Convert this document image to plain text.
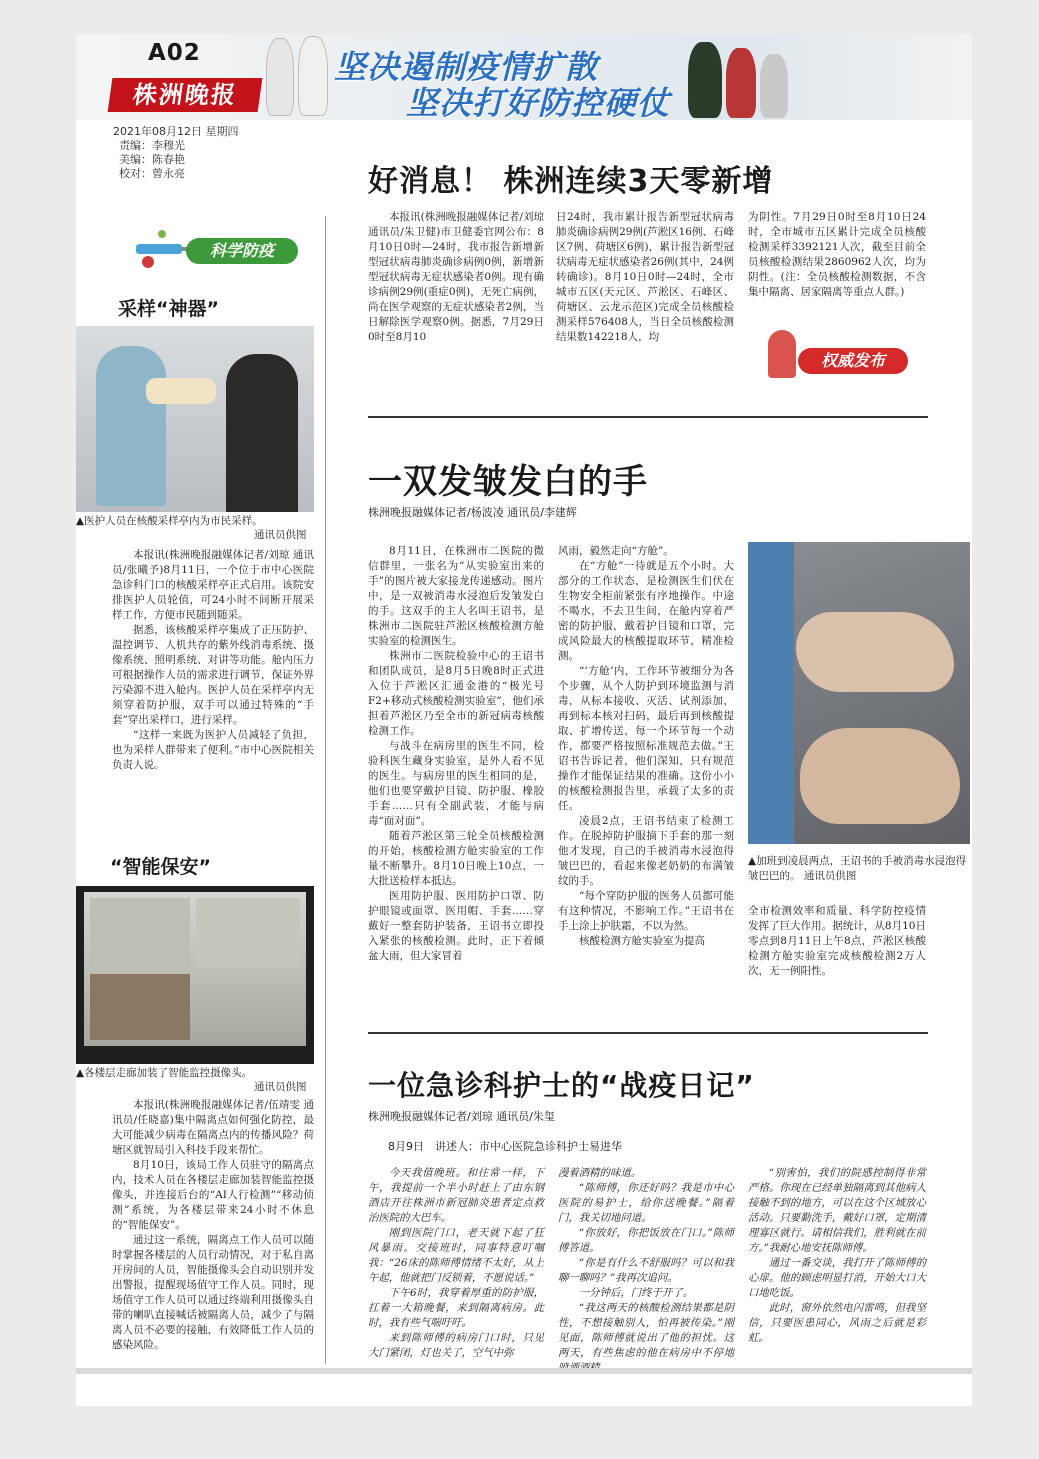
A02
株洲晚报
坚决遏制疫情扩散
坚决打好防控硬仗
2021年08月12日 星期四
责编：李穆光
美编：陈春艳
校对：曾永亮
科学防疫
采样“神器”
▲医护人员在核酸采样亭内为市民采样。
通讯员供图

本报讯(株洲晚报融媒体记者/刘琼 通讯员/张曦予)8月11日，一个位于市中心医院急诊科门口的核酸采样亭正式启用。该院安排医护人员轮值，可24小时不间断开展采样工作，方便市民随到随采。

据悉，该核酸采样亭集成了正压防护、温控调节、人机共存的紫外线消毒系统、摄像系统、照明系统、对讲等功能。舱内压力可根据操作人员的需求进行调节，保证外界污染源不进入舱内。医护人员在采样亭内无须穿着防护服，双手可以通过特殊的“手套”穿出采样口，进行采样。

“这样一来既为医护人员减轻了负担，也为采样人群带来了便利。”市中心医院相关负责人说。

“智能保安”
▲各楼层走廊加装了智能监控摄像头。
通讯员供图

本报讯(株洲晚报融媒体记者/伍靖雯 通讯员/任晓嘉)集中隔离点如何强化防控，最大可能减少病毒在隔离点内的传播风险？荷塘区就智局引入科技手段来帮忙。

8月10日，该局工作人员驻守的隔离点内，技术人员在各楼层走廊加装智能监控摄像头，并连接后台的“AI人行检测”“移动侦测”系统，为各楼层带来24小时不休息的“智能保安”。

通过这一系统，隔离点工作人员可以随时掌握各楼层的人员行动情况，对于私自离开房间的人员，智能摄像头会自动识别并发出警报，提醒现场值守工作人员。同时，现场值守工作人员可以通过终端利用摄像头自带的喇叭直接喊话被隔离人员，减少了与隔离人员不必要的接触，有效降低工作人员的感染风险。

好消息！ 株洲连续3天零新增
本报讯(株洲晚报融媒体记者/刘琼 通讯员/朱卫健)市卫健委官网公布：8月10日0时—24时，我市报告新增新型冠状病毒肺炎确诊病例0例，新增新型冠状病毒无症状感染者0例。现有确诊病例29例(重症0例)，无死亡病例，尚在医学观察的无症状感染者2例，当日解除医学观察0例。据悉，7月29日0时至8月10
日24时，我市累计报告新型冠状病毒肺炎确诊病例29例(芦淞区16例、石峰区7例、荷塘区6例)，累计报告新型冠状病毒无症状感染者26例(其中，24例转确诊)。8月10日0时—24时，全市城市五区(天元区、芦淞区、石峰区、荷塘区、云龙示范区)完成全员核酸检测采样576408人，当日全员核酸检测结果数142218人，均
为阴性。7月29日0时至8月10日24时，全市城市五区累计完成全员核酸检测采样3392121人次，截至目前全员核酸检测结果2860962人次，均为阴性。(注：全员核酸检测数据，不含集中隔离、居家隔离等重点人群。)
权威发布
一双发皱发白的手
株洲晚报融媒体记者/杨波凌 通讯员/李建辉

8月11日，在株洲市二医院的微信群里，一张名为“从实验室出来的手”的图片被大家接龙传递感动。图片中，是一双被消毒水浸泡后发皱发白的手。这双手的主人名叫王诏书，是株洲市二医院驻芦淞区核酸检测方舱实验室的检测医生。

株洲市二医院检验中心的王诏书和团队成员，是8月5日晚8时正式进入位于芦淞区汇通金港的“极光号F2+移动式核酸检测实验室”，他们承担着芦淞区乃至全市的新冠病毒核酸检测工作。

与战斗在病房里的医生不同，检验科医生藏身实验室，是外人看不见的医生。与病房里的医生相同的是，他们也要穿戴护目镜、防护服、橡胶手套……只有全副武装，才能与病毒“面对面”。

随着芦淞区第三轮全员核酸检测的开始，核酸检测方舱实验室的工作量不断攀升。8月10日晚上10点，一大批送检样本抵达。

医用防护服、医用防护口罩、防护眼镜或面罩、医用帽、手套……穿戴好一整套防护装备，王诏书立即投入紧张的核酸检测。此时，正下着倾盆大雨，但大家冒着

风雨，毅然走向“方舱”。

在“方舱”一待就是五个小时。大部分的工作状态，是检测医生们伏在生物安全柜前紧张有序地操作。中途不喝水，不去卫生间，在舱内穿着严密的防护服，戴着护目镜和口罩，完成风险最大的核酸提取环节，精准检测。

“‘方舱’内，工作环节被细分为各个步骤，从个人防护到环境监测与消毒，从标本接收、灭活、试剂添加，再到标本核对扫码，最后再到核酸提取、扩增传送，每一个环节每一个动作，都要严格按照标准规范去做。”王诏书告诉记者，他们深知，只有规范操作才能保证结果的准确。这份小小的核酸检测报告里，承载了太多的责任。

凌晨2点，王诏书结束了检测工作。在脱掉防护服摘下手套的那一刻他才发现，自己的手被消毒水浸泡得皱巴巴的，看起来像老奶奶的布满皱纹的手。

“每个穿防护服的医务人员都可能有这种情况，不影响工作。”王诏书在手上涂上护肤霜，不以为然。

核酸检测方舱实验室为提高

▲加班到凌晨两点，王诏书的手被消毒水浸泡得皱巴巴的。 通讯员供图
全市检测效率和质量、科学防控疫情发挥了巨大作用。据统计，从8月10日零点到8月11日上午8点，芦淞区核酸检测方舱实验室完成核酸检测2万人次，无一例阳性。
一位急诊科护士的“战疫日记”
株洲晚报融媒体记者/刘琼 通讯员/朱玺
8月9日　讲述人：市中心医院急诊科护士易进华

今天我值晚班。和往常一样，下午，我提前一个半小时赶上了由东钢酒店开往株洲市新冠肺炎患者定点救治医院的大巴车。

刚到医院门口，老天就下起了狂风暴雨。交接班时，同事特意叮嘱我：“26床的陈师傅情绪不太好，从上午起，他就把门反锁着，不愿说话。”

下午6时，我穿着厚重的防护服，扛着一大箱晚餐，来到隔离病房。此时，我有些气喘吁吁。

来到陈师傅的病房门口时，只见大门紧闭，灯也关了，空气中弥

漫着酒精的味道。

“陈师傅，你还好吗？我是市中心医院的易护士，给你送晚餐。”隔着门，我关切地问道。

“你放好，你把饭放在门口。”陈师傅答道。

“你是有什么不舒服吗？可以和我聊一聊吗？”我再次追问。

一分钟后，门终于开了。

“我这两天的核酸检测结果都是阴性，不想接触别人，怕再被传染。”刚见面，陈师傅就说出了他的担忧。这两天，有些焦虑的他在病房中不停地

“别害怕，我们的院感控制得非常严格。你现在已经单独隔离到其他病人接触不到的地方，可以在这个区域放心活动。只要勤洗手，戴好口罩，定期清理寡区就行。请相信我们，胜利就在前方。”我耐心地安抚陈师傅。

通过一番交谈，我打开了陈师傅的心扉。他的顾虑明显打消，开始大口大口地吃饭。

此时，窗外依然电闪雷鸣，但我坚信，只要医患同心，风雨之后就是彩虹。
